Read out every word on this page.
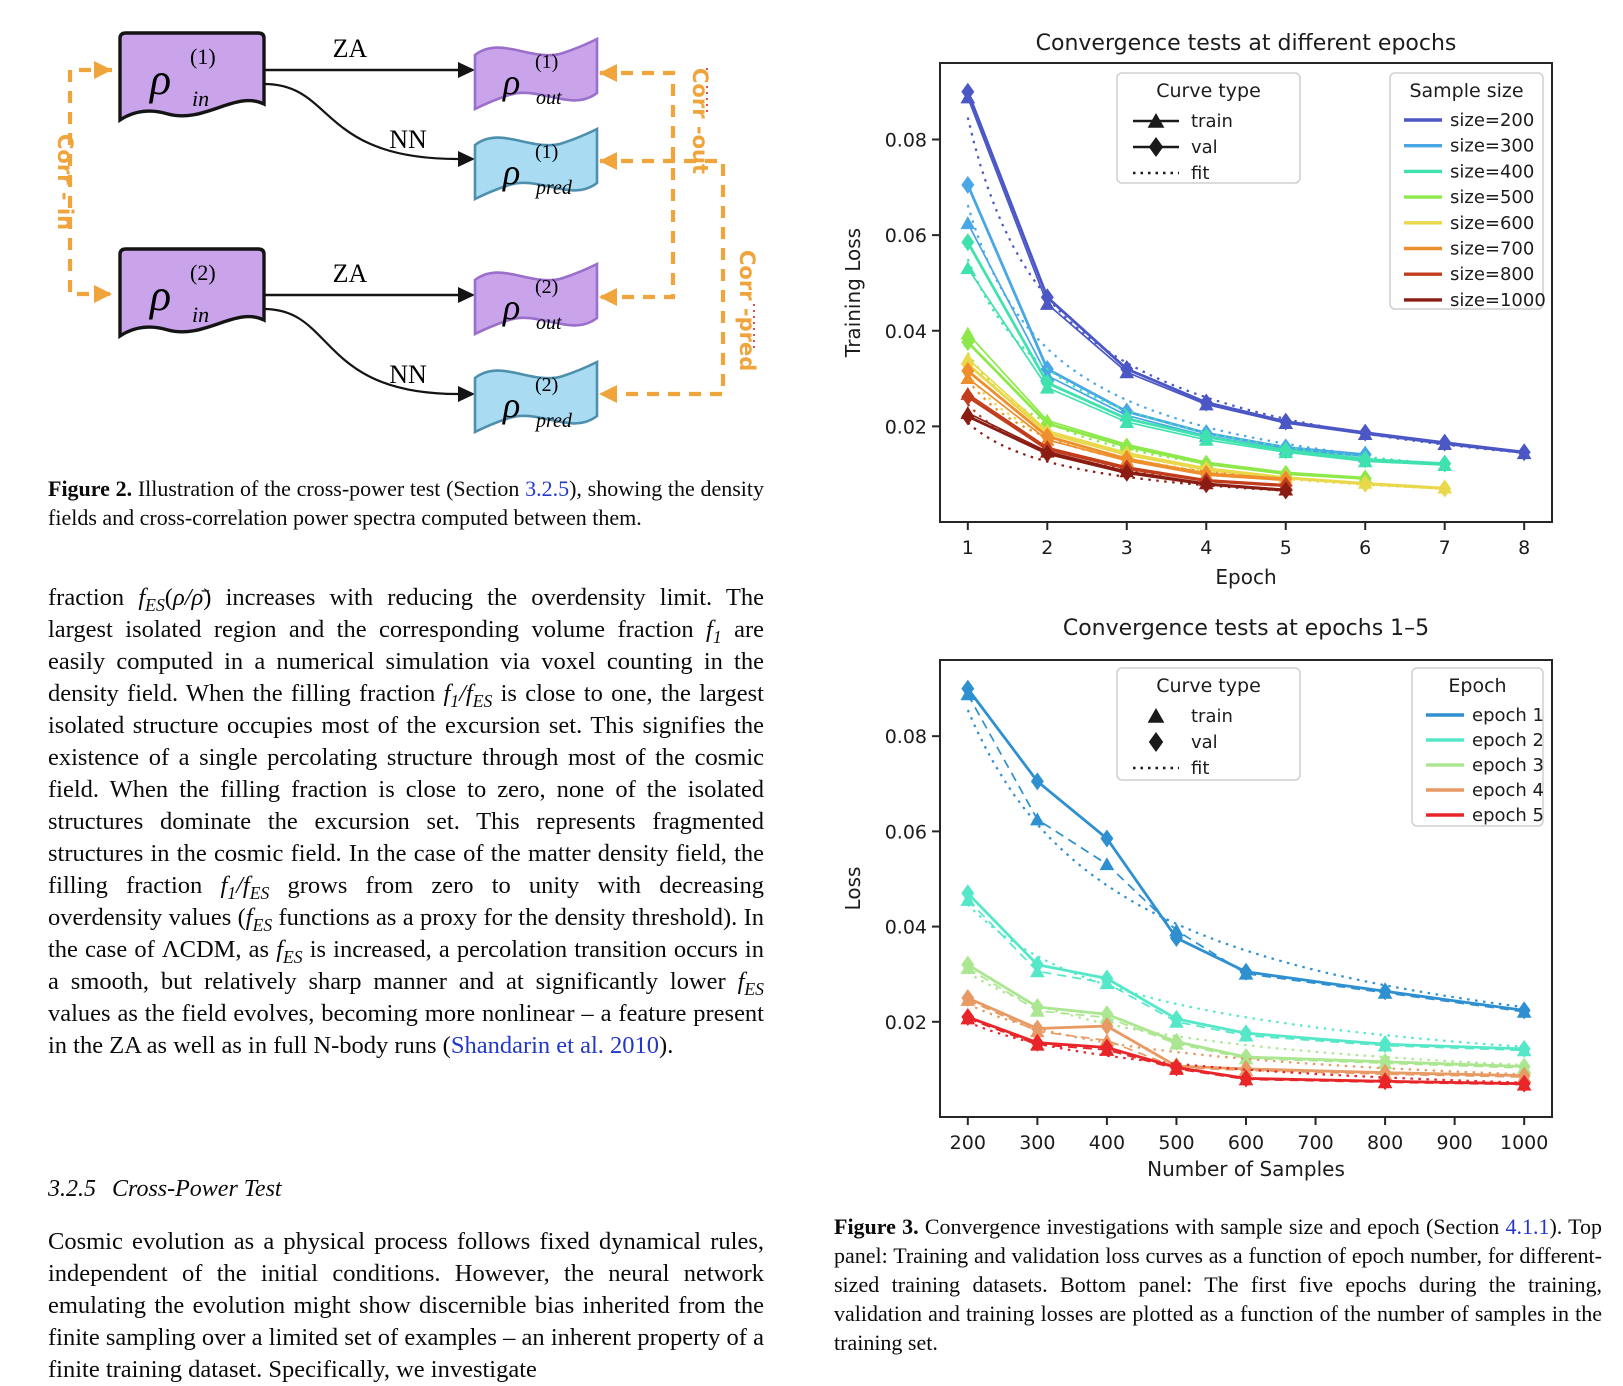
ρ (1)
in
ρ (2)
in
ρ (1)
out
ρ (1)
pred
ρ (2)
out
ρ (2)
pred
ZA
NN
ZA
NN
Corr - in
Corr -out
Corr -pred

Figure 2. Illustration of the cross-power test (Section 3.2.5), showing the density fields and cross-correlation power spectra computed between them.

fraction $f_{ES}(\rho/\rhō)$ increases with reducing the overdensity limit. The largest isolated region and the corresponding volume fraction $f_1$ are easily computed in a numerical simulation via voxel counting in the density field. When the filling fraction $f_1/f_{ES}$ is close to one, the largest isolated structure occupies most of the excursion set. This signifies the existence of a single percolating structure through most of the cosmic field. When the filling fraction is close to zero, none of the isolated structures dominate the excursion set. This represents fragmented structures in the cosmic field. In the case of the matter density field, the filling fraction $f_1/f_{ES}$ grows from zero to unity with decreasing overdensity values ($f_{ES}$ functions as a proxy for the density threshold). In the case of ΛCDM, as $f_{ES}$ is increased, a percolation transition occurs in a smooth, but relatively sharp manner and at significantly lower $f_{ES}$ values as the field evolves, becoming more nonlinear – a feature present in the ZA as well as in full N-body runs (Shandarin et al. 2010).
3.2.5 Cross-Power Test
Cosmic evolution as a physical process follows fixed dynamical rules, independent of the initial conditions. However, the neural network emulating the evolution might show discernible bias inherited from the finite sampling over a limited set of examples – an inherent property of a finite training dataset. Specifically, we investigate
Convergence tests at different epochs
1	2	3	4	5	6	7	8
0.02
0.04
0.06
0.08
Epoch
Training Loss
Curve type
train
val
fit
Sample size
size=200
size=300
size=400
size=500
size=600
size=700
size=800
size=1000
Convergence tests at epochs 1–5
200 300 400 500 600 700 800 900 1000
0.02
0.04
0.06
0.08
Number of Samples
Loss
Curve type
train
val
fit
Epoch
epoch 1
epoch 2
epoch 3
epoch 4
epoch 5

Figure 3. Convergence investigations with sample size and epoch (Section 4.1.1). Top panel: Training and validation loss curves as a function of epoch number, for different-sized training datasets. Bottom panel: The first five epochs during the training, validation and training losses are plotted as a function of the number of samples in the training set.
